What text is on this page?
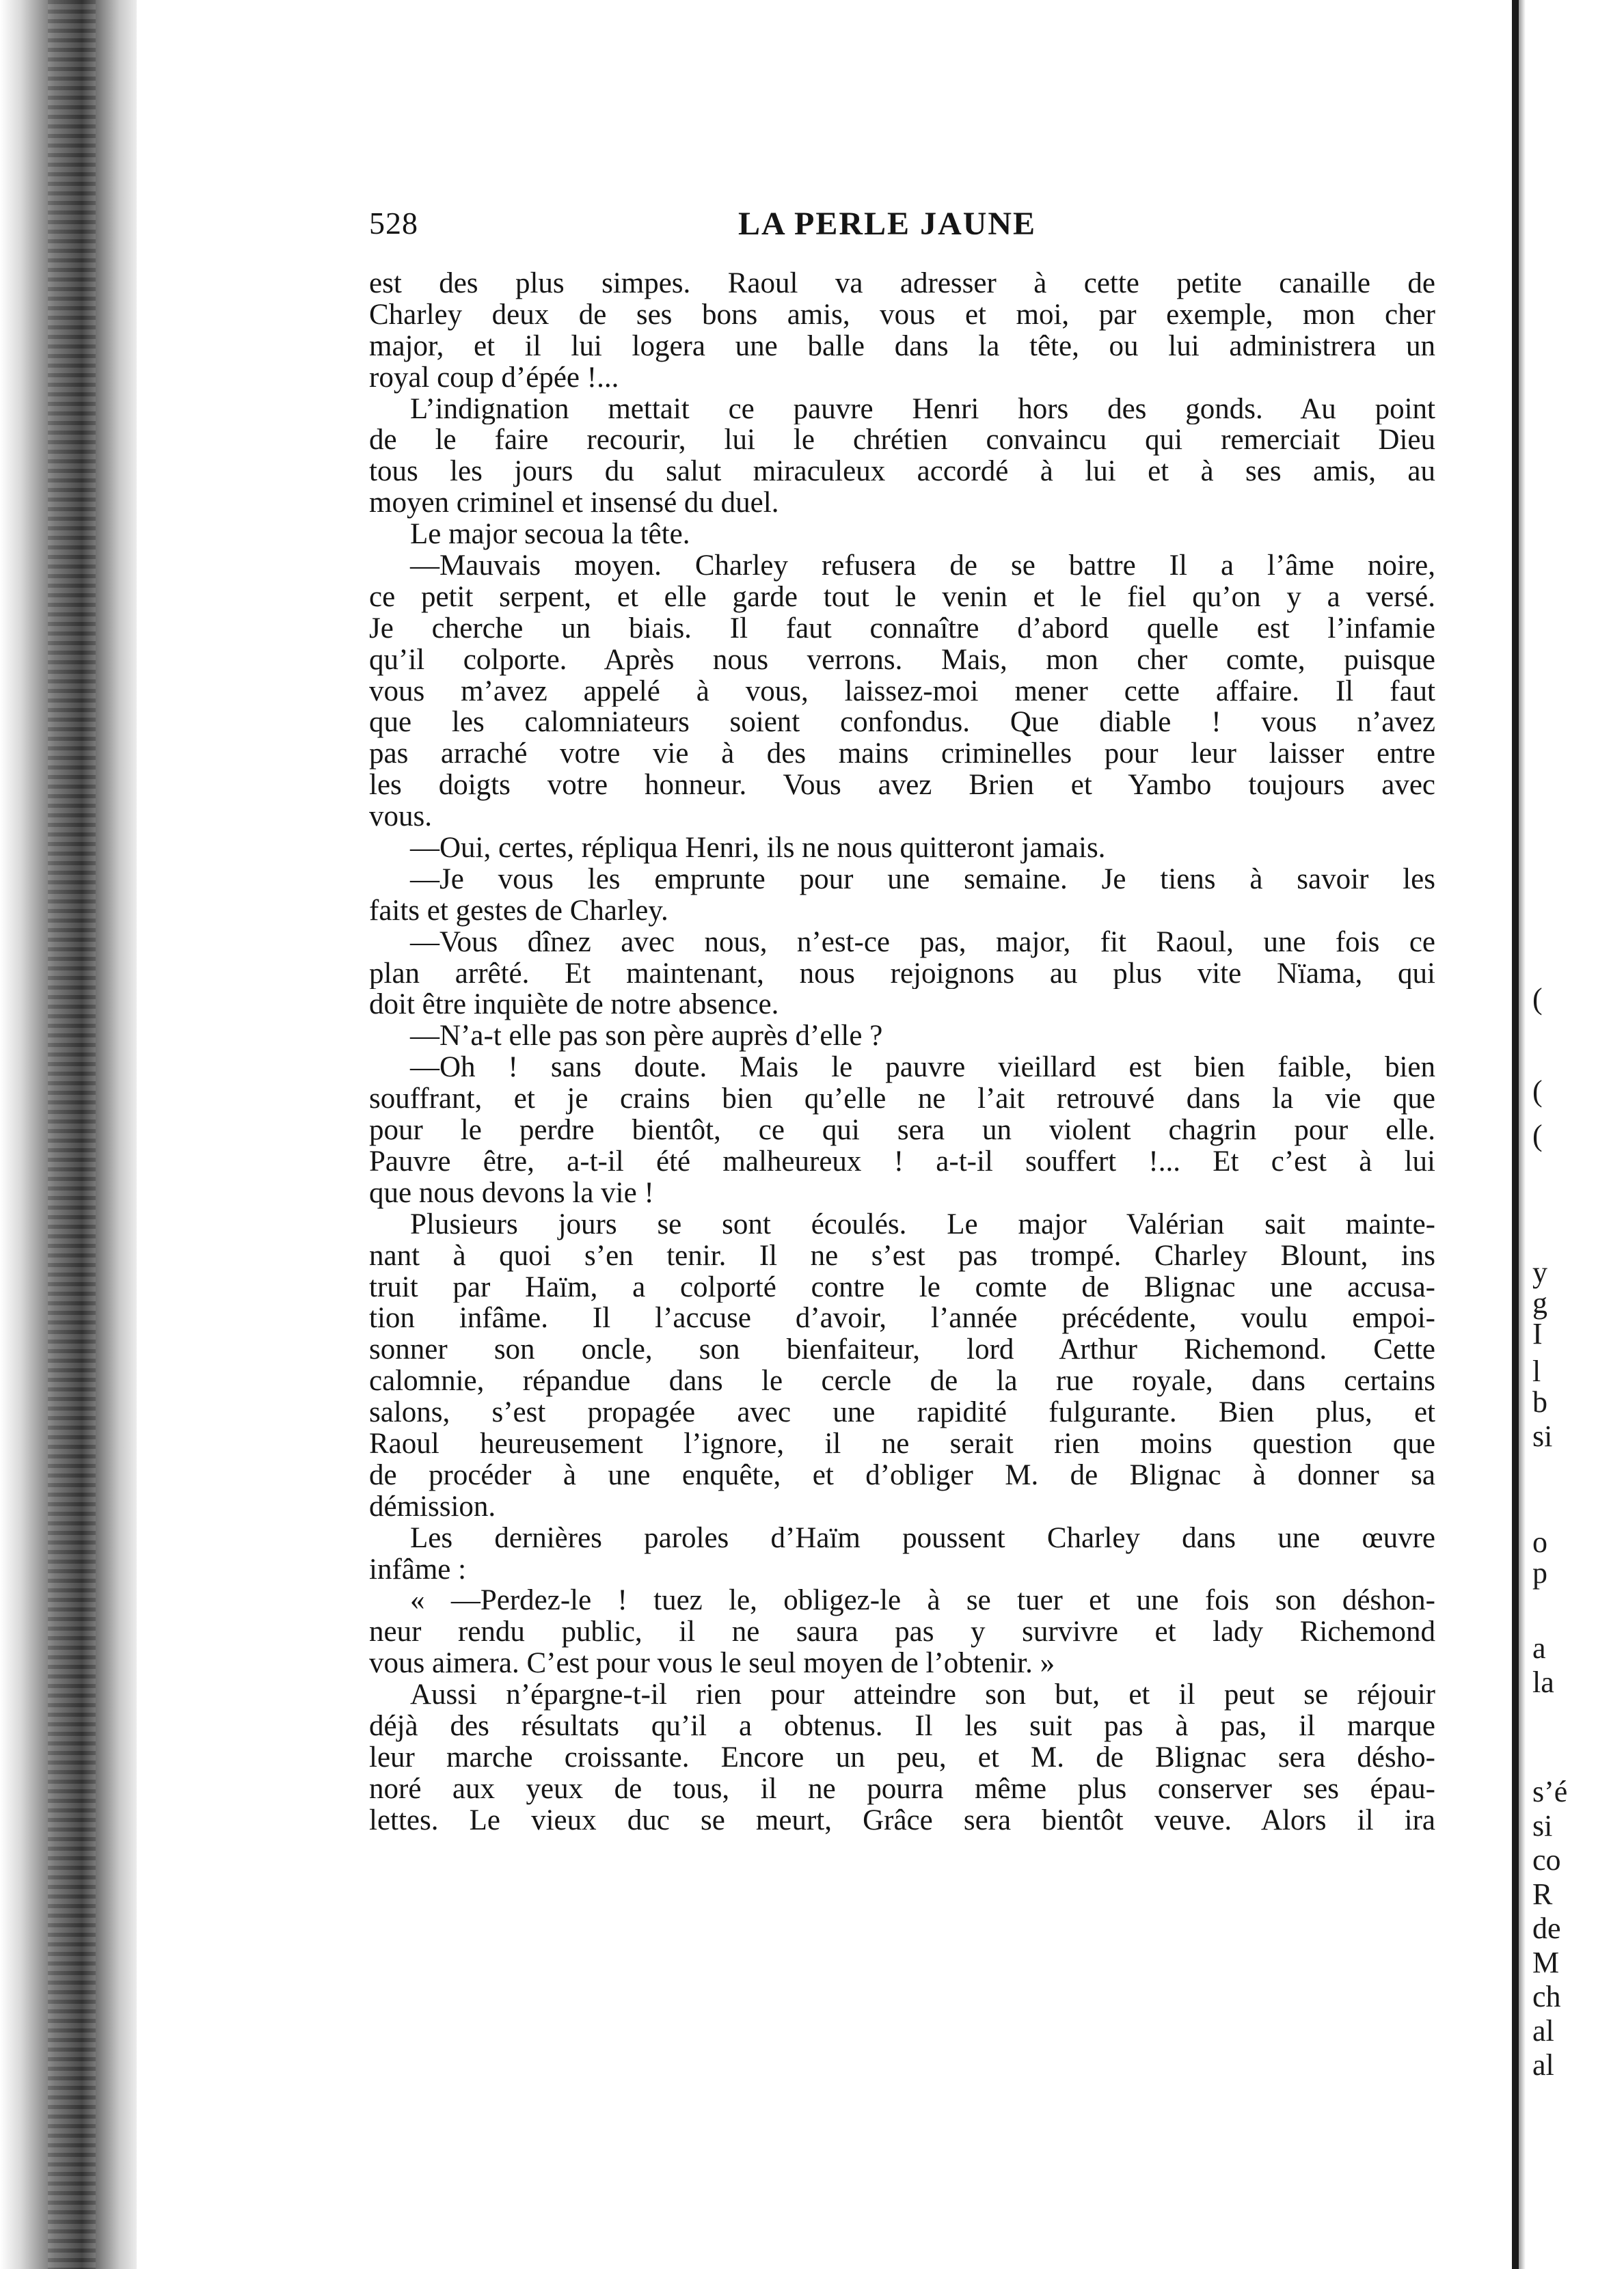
528	LA PERLE JAUNE
est des plus simpes. Raoul va adresser à cette petite canaille de
Charley deux de ses bons amis, vous et moi, par exemple, mon cher
major, et il lui logera une balle dans la tête, ou lui administrera un
royal coup d’épée !...
L’indignation mettait ce pauvre Henri hors des gonds. Au point
de le faire recourir, lui le chrétien convaincu qui remerciait Dieu
tous les jours du salut miraculeux accordé à lui et à ses amis, au
moyen criminel et insensé du duel.
Le major secoua la tête.
—Mauvais moyen. Charley refusera de se battre Il a l’âme noire,
ce petit serpent, et elle garde tout le venin et le fiel qu’on y a versé.
Je cherche un biais. Il faut connaître d’abord quelle est l’infamie
qu’il colporte. Après nous verrons. Mais, mon cher comte, puisque
vous m’avez appelé à vous, laissez-moi mener cette affaire. Il faut
que les calomniateurs soient confondus. Que diable ! vous n’avez
pas arraché votre vie à des mains criminelles pour leur laisser entre
les doigts votre honneur. Vous avez Brien et Yambo toujours avec
vous.
—Oui, certes, répliqua Henri, ils ne nous quitteront jamais.
—Je vous les emprunte pour une semaine. Je tiens à savoir les
faits et gestes de Charley.
—Vous dînez avec nous, n’est-ce pas, major, fit Raoul, une fois ce
plan arrêté. Et maintenant, nous rejoignons au plus vite Nïama, qui
doit être inquiète de notre absence.
—N’a-t elle pas son père auprès d’elle ?
—Oh ! sans doute. Mais le pauvre vieillard est bien faible, bien
souffrant, et je crains bien qu’elle ne l’ait retrouvé dans la vie que
pour le perdre bientôt, ce qui sera un violent chagrin pour elle.
Pauvre être, a-t-il été malheureux ! a-t-il souffert !... Et c’est à lui
que nous devons la vie !
Plusieurs jours se sont écoulés. Le major Valérian sait mainte-
nant à quoi s’en tenir. Il ne s’est pas trompé. Charley Blount, ins
truit par Haïm, a colporté contre le comte de Blignac une accusa-
tion infâme. Il l’accuse d’avoir, l’année précédente, voulu empoi-
sonner son oncle, son bienfaiteur, lord Arthur Richemond. Cette
calomnie, répandue dans le cercle de la rue royale, dans certains
salons, s’est propagée avec une rapidité fulgurante. Bien plus, et
Raoul heureusement l’ignore, il ne serait rien moins question que
de procéder à une enquête, et d’obliger M. de Blignac à donner sa
démission.
Les dernières paroles d’Haïm poussent Charley dans une œuvre
infâme :
« —Perdez-le ! tuez le, obligez-le à se tuer et une fois son déshon-
neur rendu public, il ne saura pas y survivre et lady Richemond
vous aimera. C’est pour vous le seul moyen de l’obtenir. »
Aussi n’épargne-t-il rien pour atteindre son but, et il peut se réjouir
déjà des résultats qu’il a obtenus. Il les suit pas à pas, il marque
leur marche croissante. Encore un peu, et M. de Blignac sera désho-
noré aux yeux de tous, il ne pourra même plus conserver ses épau-
lettes. Le vieux duc se meurt, Grâce sera bientôt veuve. Alors il ira
(
(
(
y
g
I
l
b
si
o
p
a
la
s’é
si
co
R
de
M
ch
al
al
